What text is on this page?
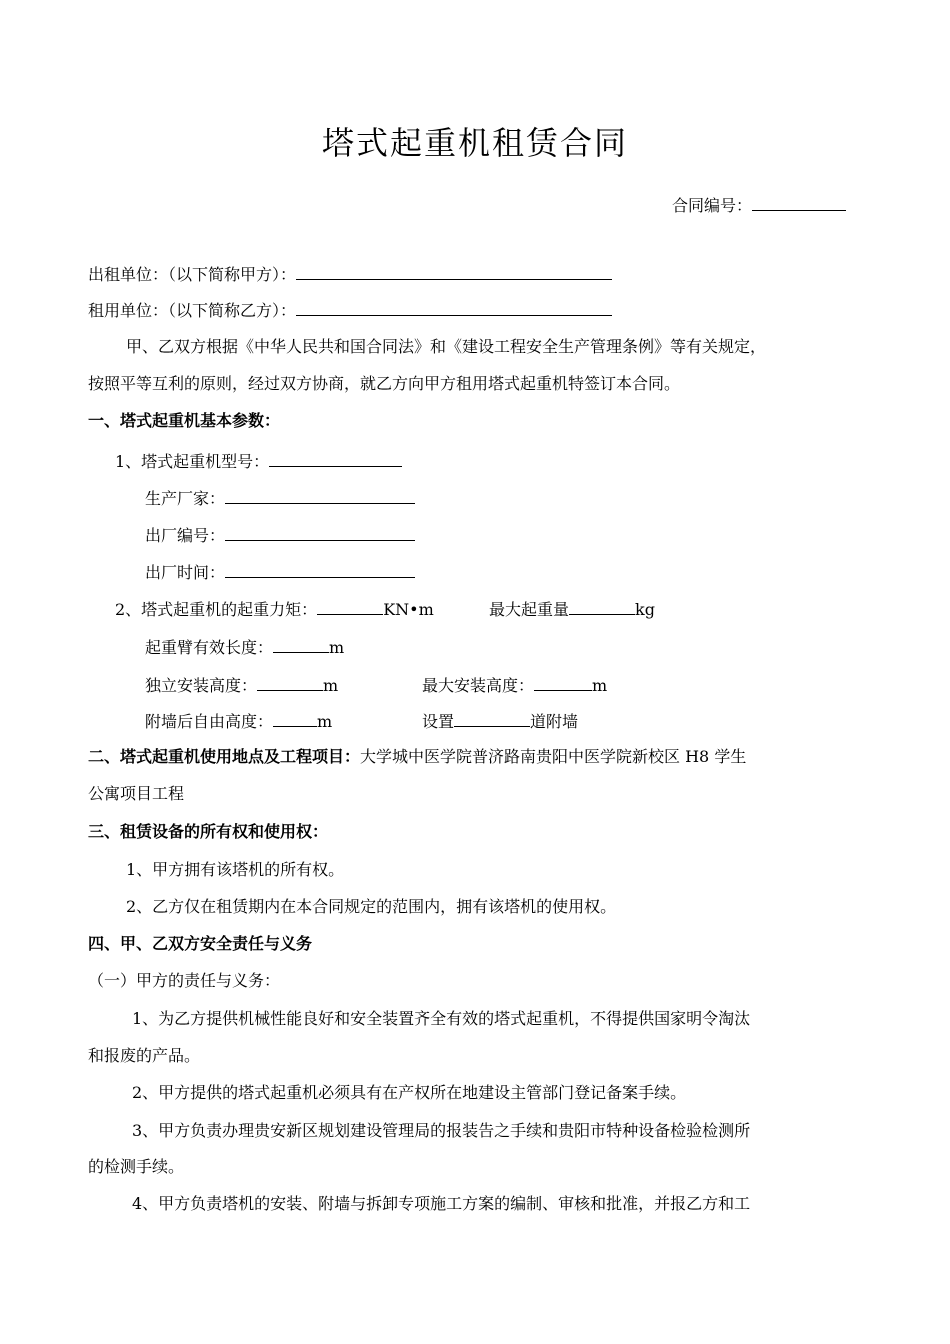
塔式起重机租赁合同
合同编号：
出租单位：（以下简称甲方）：
租用单位：（以下简称乙方）：
甲、乙双方根据《中华人民共和国合同法》和《建设工程安全生产管理条例》等有关规定，
按照平等互利的原则，经过双方协商，就乙方向甲方租用塔式起重机特签订本合同。
一、塔式起重机基本参数：
1、塔式起重机型号：
生产厂家：
出厂编号：
出厂时间：
2、塔式起重机的起重力矩：	KN•m	最大起重量	kg
起重臂有效长度：	m
独立安装高度：	m	最大安装高度：	m
附墙后自由高度：	m	设置	道附墙
二、塔式起重机使用地点及工程项目：大学城中医学院普济路南贵阳中医学院新校区 H8 学生
公寓项目工程
三、租赁设备的所有权和使用权：
1、甲方拥有该塔机的所有权。
2、乙方仅在租赁期内在本合同规定的范围内，拥有该塔机的使用权。
四、甲、乙双方安全责任与义务
（一）甲方的责任与义务：
1、为乙方提供机械性能良好和安全装置齐全有效的塔式起重机，不得提供国家明令淘汰
和报废的产品。
2、甲方提供的塔式起重机必须具有在产权所在地建设主管部门登记备案手续。
3、甲方负责办理贵安新区规划建设管理局的报装告之手续和贵阳市特种设备检验检测所
的检测手续。
4、甲方负责塔机的安装、附墙与拆卸专项施工方案的编制、审核和批准，并报乙方和工
